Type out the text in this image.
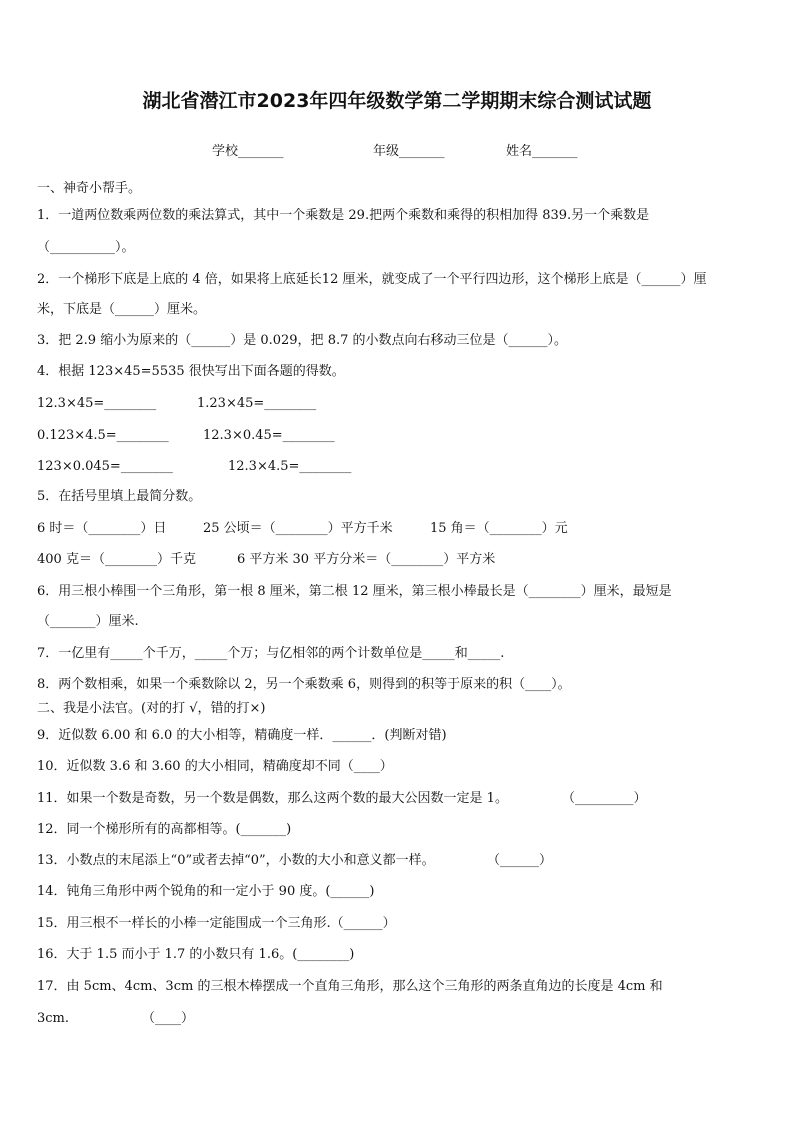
湖北省潜江市2023年四年级数学第二学期期末综合测试试题
学校_______	年级_______	姓名_______
一、神奇小帮手。
1．一道两位数乘两位数的乘法算式，其中一个乘数是 29.把两个乘数和乘得的积相加得 839.另一个乘数是
（__________）。
2．一个梯形下底是上底的 4 倍，如果将上底延长12 厘米，就变成了一个平行四边形，这个梯形上底是（______）厘
米，下底是（______）厘米。
3．把 2.9 缩小为原来的（______）是 0.029，把 8.7 的小数点向右移动三位是（______）。
4．根据 123×45=5535 很快写出下面各题的得数。
12.3×45=________	1.23×45=________
0.123×4.5=________	12.3×0.45=________
123×0.045=________	12.3×4.5=________
5．在括号里填上最简分数。
6 时＝（________）日	25 公顷＝（________）平方千米	15 角＝（________）元
400 克＝（________）千克	6 平方米 30 平方分米＝（________）平方米
6．用三根小棒围一个三角形，第一根 8 厘米，第二根 12 厘米，第三根小棒最长是（________）厘米，最短是
（_______）厘米.
7．一亿里有_____个千万，_____个万；与亿相邻的两个计数单位是_____和_____.
8．两个数相乘，如果一个乘数除以 2，另一个乘数乘 6，则得到的积等于原来的积（____）。
二、我是小法官。(对的打 √，错的打×)
9．近似数 6.00 和 6.0 的大小相等，精确度一样．______．(判断对错)
10．近似数 3.6 和 3.60 的大小相同，精确度却不同（____）
11．如果一个数是奇数，另一个数是偶数，那么这两个数的最大公因数一定是 1。	（_________）
12．同一个梯形所有的高都相等。(_______)
13．小数点的末尾添上“0”或者去掉“0”，小数的大小和意义都一样。	（______）
14．钝角三角形中两个锐角的和一定小于 90 度。(______)
15．用三根不一样长的小棒一定能围成一个三角形.（______）
16．大于 1.5 而小于 1.7 的小数只有 1.6。(________)
17．由 5cm、4cm、3cm 的三根木棒摆成一个直角三角形，那么这个三角形的两条直角边的长度是 4cm 和
3cm.	（____）
